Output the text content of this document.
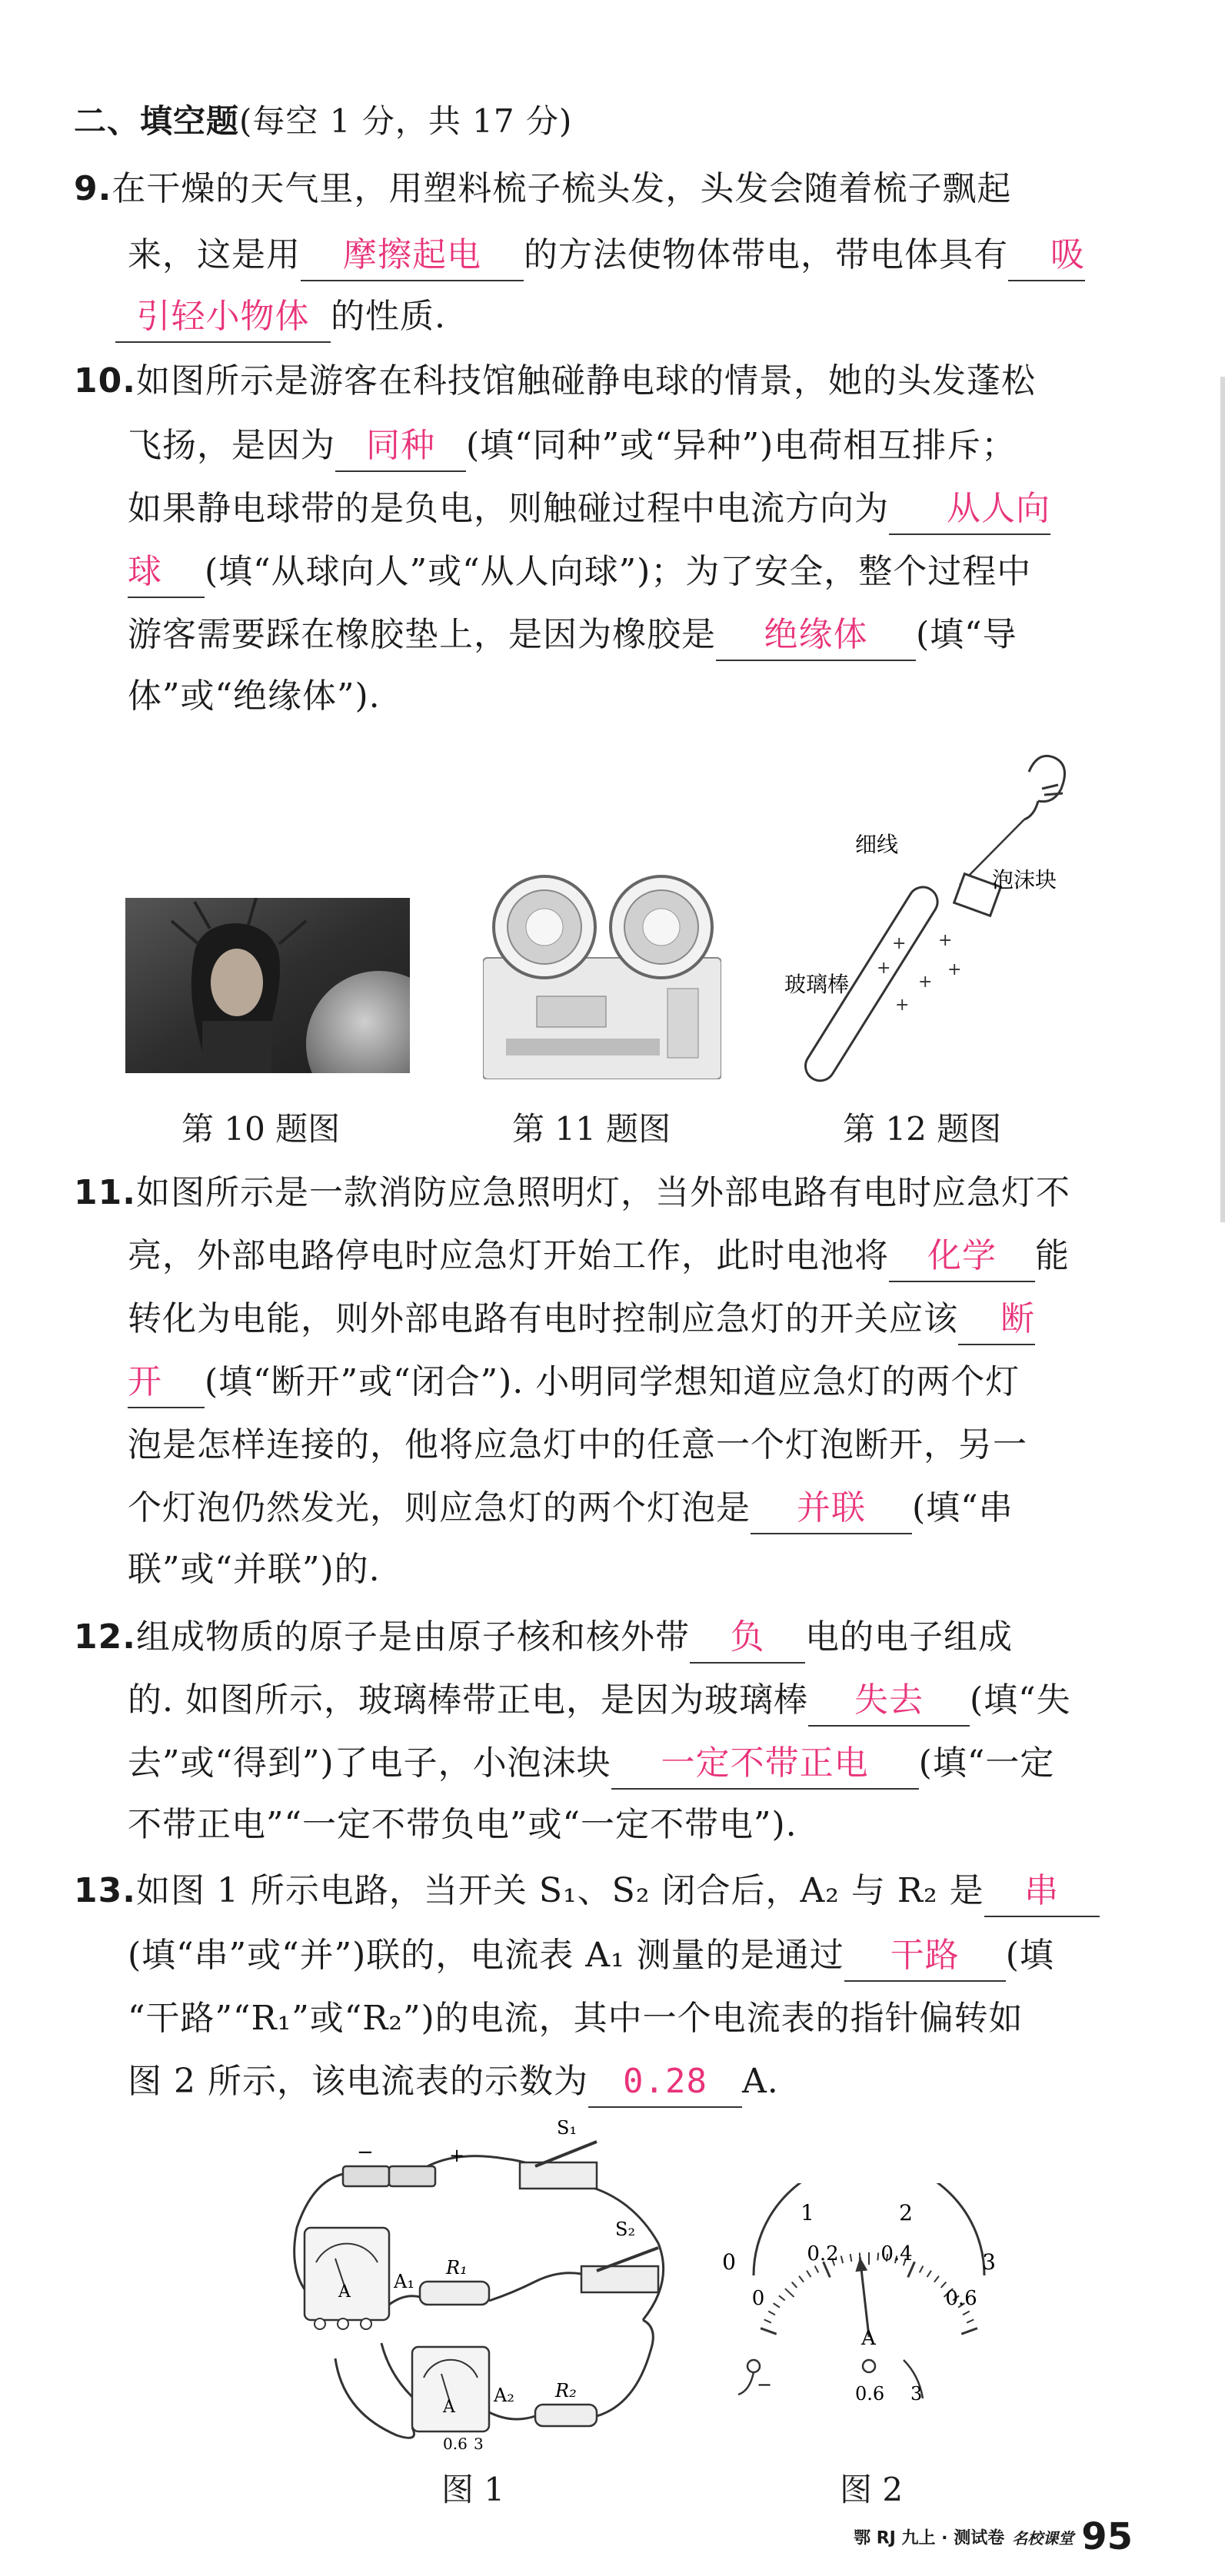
二、填空题(每空 1 分，共 17 分)
9.在干燥的天气里，用塑料梳子梳头发，头发会随着梳子飘起
来，这是用 摩擦起电 的方法使物体带电，带电体具有 吸
引轻小物体 的性质.
10.如图所示是游客在科技馆触碰静电球的情景，她的头发蓬松
飞扬，是因为 同种 (填“同种”或“异种”)电荷相互排斥；
如果静电球带的是负电，则触碰过程中电流方向为 从人向
球 (填“从球向人”或“从人向球”)；为了安全，整个过程中
游客需要踩在橡胶垫上，是因为橡胶是 绝缘体 (填“导
体”或“绝缘体”).
细线
泡沫块
玻璃棒
+
+
+
+
+
+
第 10 题图	第 11 题图	第 12 题图
11.如图所示是一款消防应急照明灯，当外部电路有电时应急灯不
亮，外部电路停电时应急灯开始工作，此时电池将 化学 能
转化为电能，则外部电路有电时控制应急灯的开关应该 断
开 (填“断开”或“闭合”). 小明同学想知道应急灯的两个灯
泡是怎样连接的，他将应急灯中的任意一个灯泡断开，另一
个灯泡仍然发光，则应急灯的两个灯泡是 并联 (填“串
联”或“并联”)的.
12.组成物质的原子是由原子核和核外带 负 电的电子组成
的. 如图所示，玻璃棒带正电，是因为玻璃棒 失去 (填“失
去”或“得到”)了电子，小泡沫块 一定不带正电 (填“一定
不带正电”“一定不带负电”或“一定不带电”).
13.如图 1 所示电路，当开关 S₁、S₂ 闭合后，A₂ 与 R₂ 是 串
(填“串”或“并”)联的，电流表 A₁ 测量的是通过 干路 (填
“干路”“R₁”或“R₂”)的电流，其中一个电流表的指针偏转如
图 2 所示，该电流表的示数为 0.28 A.
−	+
S₁
A A₁
R₁
S₂
A
A₂
0.6 3
R₂
图 1
0
1	2
3
0
0.2 0.4
0.6
A
−	0.6 3
图 2
鄂 RJ 九上 · 测试卷 名校课堂 95
